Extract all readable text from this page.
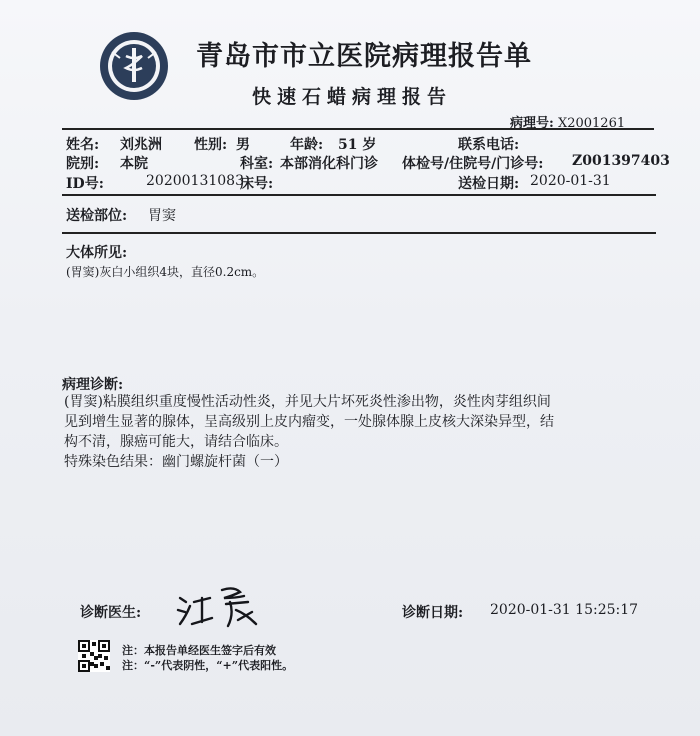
青岛市市立医院病理报告单
快速石蜡病理报告
病理号: X2001261
姓名: 刘兆洲 性别: 男	年龄: 51 岁	联系电话:
院别: 本院	科室: 本部消化科门诊 体检号/住院号/门诊号: Z001397403
ID号:	20200131083
床号:	送检日期: 2020-01-31
送检部位: 胃窦
大体所见:
(胃窦)灰白小组织4块，直径0.2cm。
病理诊断:
(胃窦)粘膜组织重度慢性活动性炎，并见大片坏死炎性渗出物，炎性肉芽组织间
见到增生显著的腺体，呈高级别上皮内瘤变，一处腺体腺上皮核大深染异型，结
构不清，腺癌可能大，请结合临床。
特殊染色结果：幽门螺旋杆菌（一）
诊断医生:	诊断日期: 2020-01-31 15:25:17
注：本报告单经医生签字后有效
注：“-”代表阴性，“+”代表阳性。
